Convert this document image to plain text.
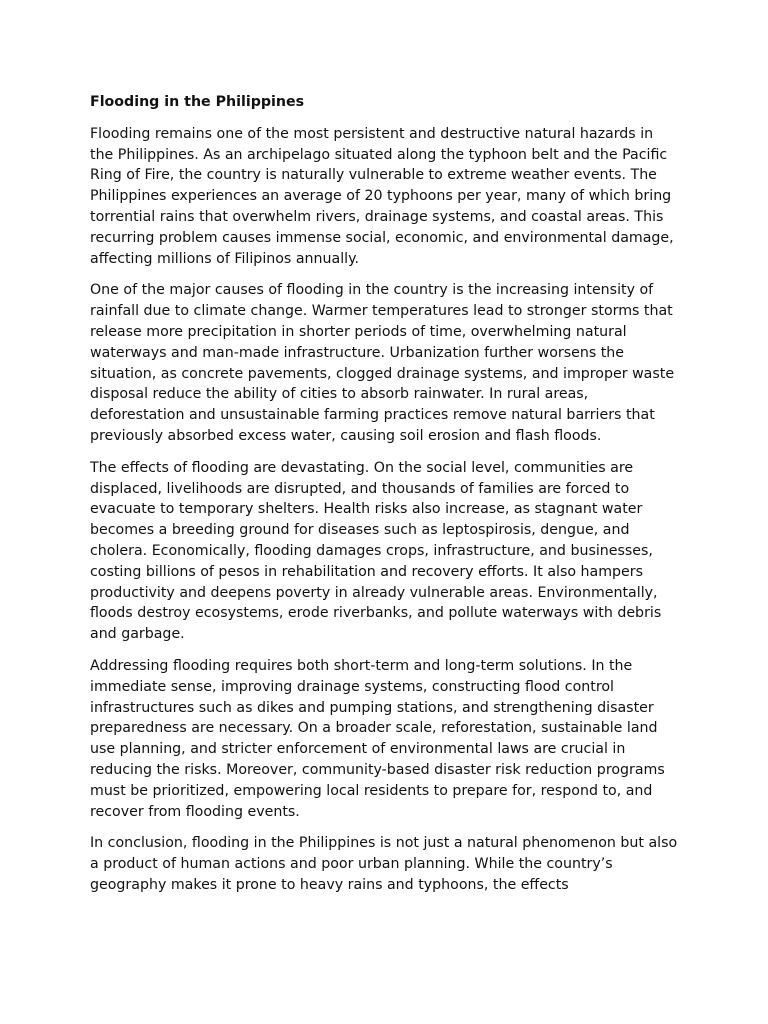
Flooding in the Philippines

Flooding remains one of the most persistent and destructive natural hazards in the Philippines. As an archipelago situated along the typhoon belt and the Pacific Ring of Fire, the country is naturally vulnerable to extreme weather events. The Philippines experiences an average of 20 typhoons per year, many of which bring torrential rains that overwhelm rivers, drainage systems, and coastal areas. This recurring problem causes immense social, economic, and environmental damage, affecting millions of Filipinos annually.

One of the major causes of flooding in the country is the increasing intensity of rainfall due to climate change. Warmer temperatures lead to stronger storms that release more precipitation in shorter periods of time, overwhelming natural waterways and man-made infrastructure. Urbanization further worsens the situation, as concrete pavements, clogged drainage systems, and improper waste disposal reduce the ability of cities to absorb rainwater. In rural areas, deforestation and unsustainable farming practices remove natural barriers that previously absorbed excess water, causing soil erosion and flash floods.

The effects of flooding are devastating. On the social level, communities are displaced, livelihoods are disrupted, and thousands of families are forced to evacuate to temporary shelters. Health risks also increase, as stagnant water becomes a breeding ground for diseases such as leptospirosis, dengue, and cholera. Economically, flooding damages crops, infrastructure, and businesses, costing billions of pesos in rehabilitation and recovery efforts. It also hampers productivity and deepens poverty in already vulnerable areas. Environmentally, floods destroy ecosystems, erode riverbanks, and pollute waterways with debris and garbage.

Addressing flooding requires both short-term and long-term solutions. In the immediate sense, improving drainage systems, constructing flood control infrastructures such as dikes and pumping stations, and strengthening disaster preparedness are necessary. On a broader scale, reforestation, sustainable land use planning, and stricter enforcement of environmental laws are crucial in reducing the risks. Moreover, community-based disaster risk reduction programs must be prioritized, empowering local residents to prepare for, respond to, and recover from flooding events.

In conclusion, flooding in the Philippines is not just a natural phenomenon but also a product of human actions and poor urban planning. While the country’s geography makes it prone to heavy rains and typhoons, the effects
